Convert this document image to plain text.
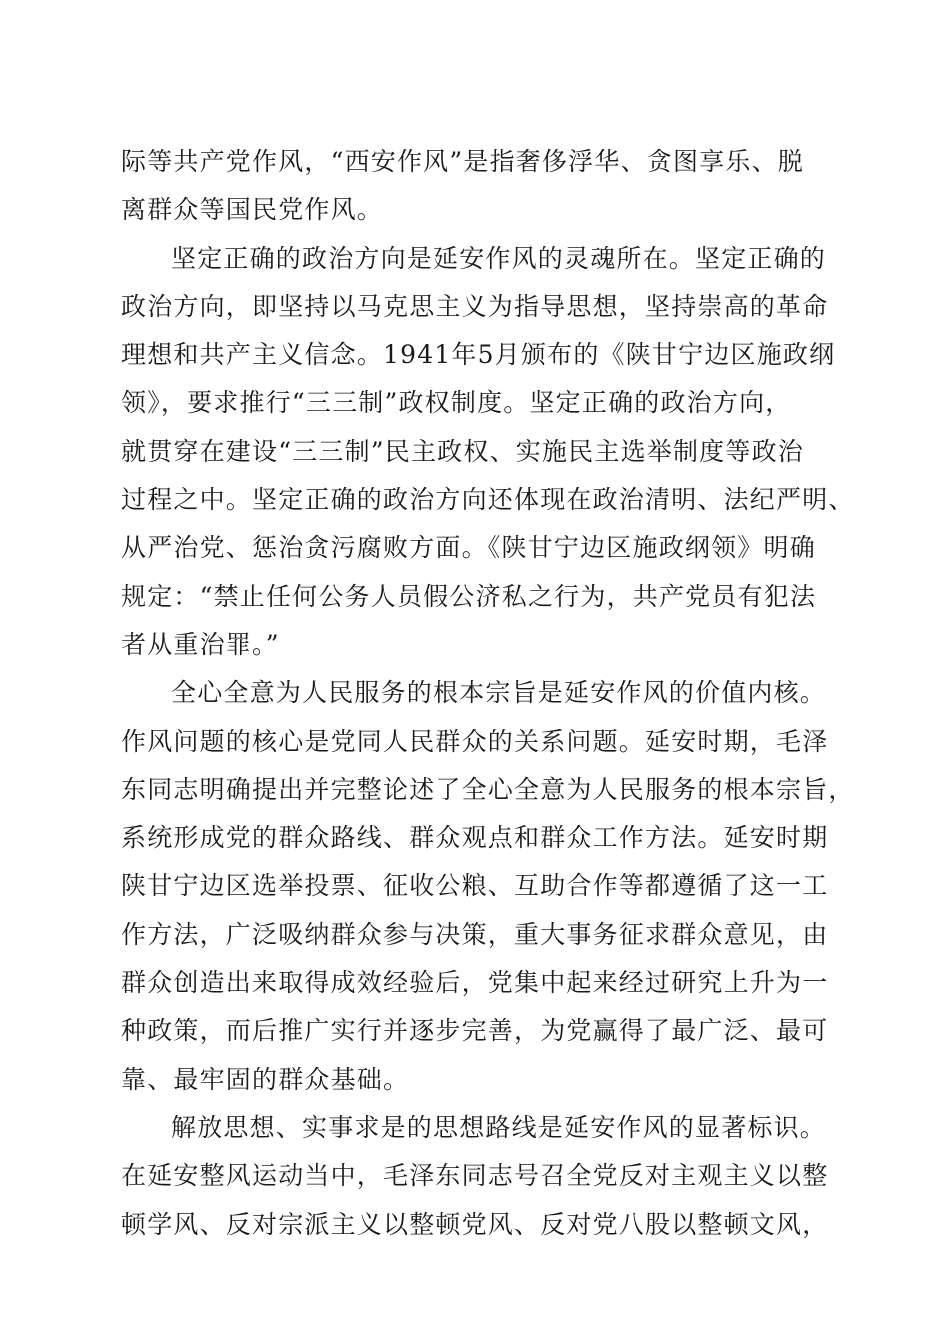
际等共产党作风，“西安作风”是指奢侈浮华、贪图享乐、脱
离群众等国民党作风。
坚定正确的政治方向是延安作风的灵魂所在。坚定正确的
政治方向，即坚持以马克思主义为指导思想，坚持崇高的革命
理想和共产主义信念。1941年5月颁布的《陕甘宁边区施政纲
领》，要求推行“三三制”政权制度。坚定正确的政治方向，
就贯穿在建设“三三制”民主政权、实施民主选举制度等政治
过程之中。坚定正确的政治方向还体现在政治清明、法纪严明、
从严治党、惩治贪污腐败方面。《陕甘宁边区施政纲领》明确
规定：“禁止任何公务人员假公济私之行为，共产党员有犯法
者从重治罪。”
全心全意为人民服务的根本宗旨是延安作风的价值内核。
作风问题的核心是党同人民群众的关系问题。延安时期，毛泽
东同志明确提出并完整论述了全心全意为人民服务的根本宗旨，
系统形成党的群众路线、群众观点和群众工作方法。延安时期
陕甘宁边区选举投票、征收公粮、互助合作等都遵循了这一工
作方法，广泛吸纳群众参与决策，重大事务征求群众意见，由
群众创造出来取得成效经验后，党集中起来经过研究上升为一
种政策，而后推广实行并逐步完善，为党赢得了最广泛、最可
靠、最牢固的群众基础。
解放思想、实事求是的思想路线是延安作风的显著标识。
在延安整风运动当中，毛泽东同志号召全党反对主观主义以整
顿学风、反对宗派主义以整顿党风、反对党八股以整顿文风，
